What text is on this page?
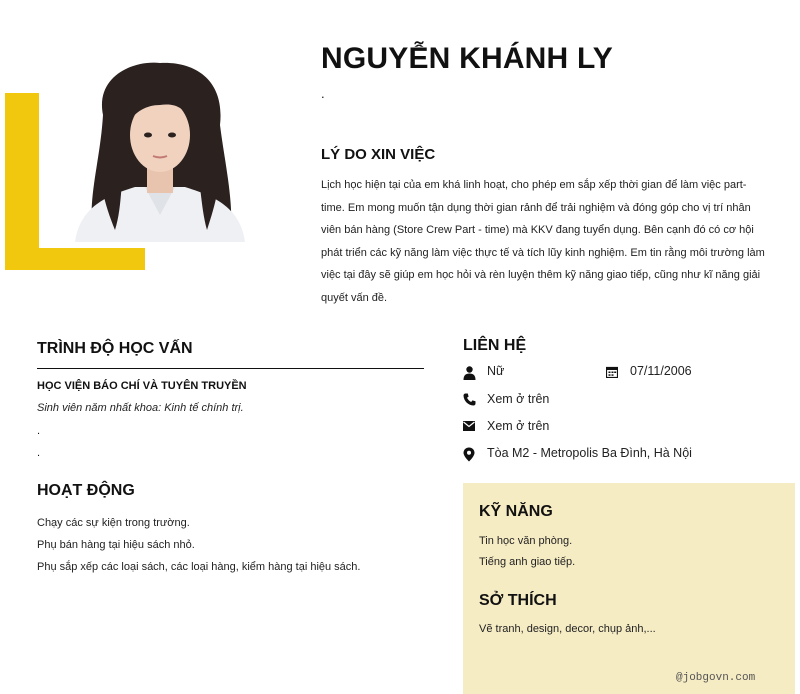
NGUYỄN KHÁNH LY
.
LÝ DO XIN VIỆC
Lịch học hiện tại của em khá linh hoạt, cho phép em sắp xếp thời gian để làm việc part-time. Em mong muốn tận dụng thời gian rảnh để trải nghiệm và đóng góp cho vị trí nhân viên bán hàng (Store Crew Part - time) mà KKV đang tuyển dụng. Bên cạnh đó có cơ hội phát triển các kỹ năng làm việc thực tế và tích lũy kinh nghiệm. Em tin rằng môi trường làm việc tại đây sẽ giúp em học hỏi và rèn luyện thêm kỹ năng giao tiếp, cũng như kĩ năng giải quyết vấn đề.
TRÌNH ĐỘ HỌC VẤN
HỌC VIỆN BÁO CHÍ VÀ TUYÊN TRUYỀN
Sinh viên năm nhất khoa: Kinh tế chính trị.
.
.
HOẠT ĐỘNG
Chạy các sự kiện trong trường.
Phụ bán hàng tại hiệu sách nhỏ.
Phụ sắp xếp các loại sách, các loại hàng, kiểm hàng tại hiệu sách.
LIÊN HỆ
Nữ	07/11/2006
Xem ở trên
Xem ở trên
Tòa M2 - Metropolis Ba Đình, Hà Nội
KỸ NĂNG
Tin học văn phòng.
Tiếng anh giao tiếp.
SỞ THÍCH
Vẽ tranh, design, decor, chụp ảnh,...
@jobgovn.com
